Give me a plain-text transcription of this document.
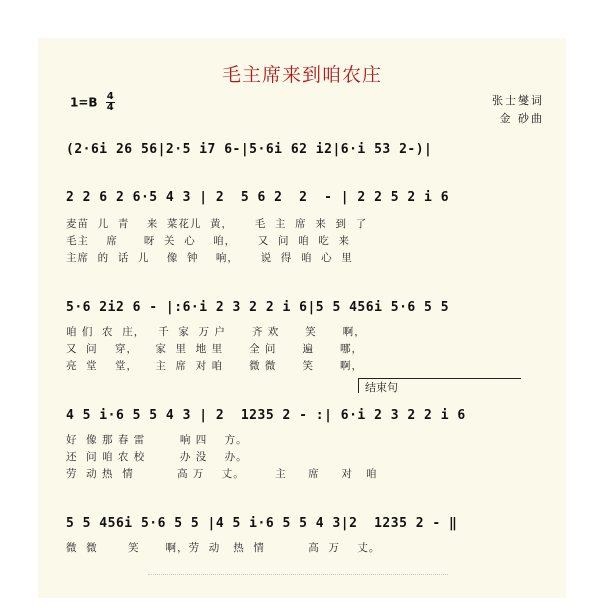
毛主席来到咱农庄
$1=B \frac{4}{4}$	张士燮词
金 砂曲
(2·6i 26 56|2·5 i7 6-|5·6i 62 i2|6·i 53 2-)|
2 2 6 2 6·5 4 3 | 2  5 6 2  2  - | 2 2 5 2 i 6
麦苗  儿  青    来  菜花儿  黄，     毛  主  席  来  到  了
毛主    席      呀  关  心    咱，     又  问  咱  吃  来
主席  的  话  儿    像  钟    响，     说  得  咱  心  里
5·6 2i2 6 - |:6·i 2 3 2 2 i 6|5 5 456i 5·6 5 5
咱 们  农  庄，   千  家  万 户      齐 欢      笑      啊，
又  问    穿，    家  里  地 里      全 问      遍      哪，
亮  堂    堂，    主  席  对 咱      微 微      笑      啊，
结束句
4 5 i·6 5 5 4 3 | 2  1235 2 - :| 6·i 2 3 2 2 i 6
好  像 那 春 雷        响 四    方。
还  问 咱 农 校        办 没    办。
劳  动 热  情          高 万    丈。       主     席     对   咱
5 5 456i 5·6 5 5 |4 5 i·6 5 5 4 3|2  1235 2 - ‖
微  微       笑      啊，劳  动   热  情          高  万    丈。
